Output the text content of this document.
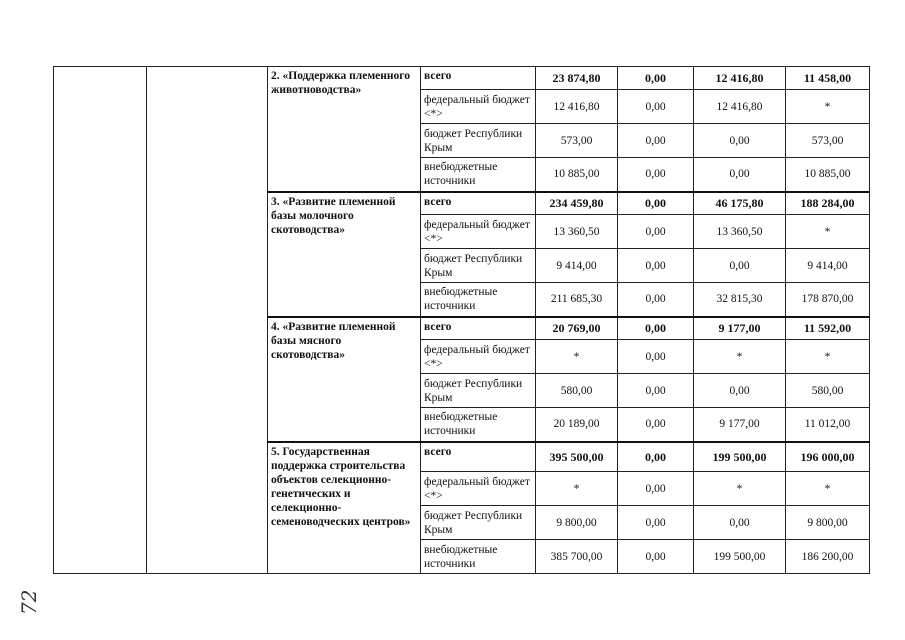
		2. «Поддержка племенного животноводства»	всего	23 874,80	0,00	12 416,80	11 458,00
			федеральный бюджет <*>	12 416,80	0,00	12 416,80	*
			бюджет Республики Крым	573,00	0,00	0,00	573,00
			внебюджетные источники	10 885,00	0,00	0,00	10 885,00
		3. «Развитие племенной базы молочного скотоводства»	всего	234 459,80	0,00	46 175,80	188 284,00
			федеральный бюджет <*>	13 360,50	0,00	13 360,50	*
			бюджет Республики Крым	9 414,00	0,00	0,00	9 414,00
			внебюджетные источники	211 685,30	0,00	32 815,30	178 870,00
		4. «Развитие племенной базы мясного скотоводства»	всего	20 769,00	0,00	9 177,00	11 592,00
			федеральный бюджет <*>	*	0,00	*	*
			бюджет Республики Крым	580,00	0,00	0,00	580,00
			внебюджетные источники	20 189,00	0,00	9 177,00	11 012,00
		5. Государственная поддержка строительства объектов селекционно-генетических и селекционно-семеноводческих центров»	всего	395 500,00	0,00	199 500,00	196 000,00
			федеральный бюджет <*>	*	0,00	*	*
			бюджет Республики Крым	9 800,00	0,00	0,00	9 800,00
			внебюджетные источники	385 700,00	0,00	199 500,00	186 200,00
72
